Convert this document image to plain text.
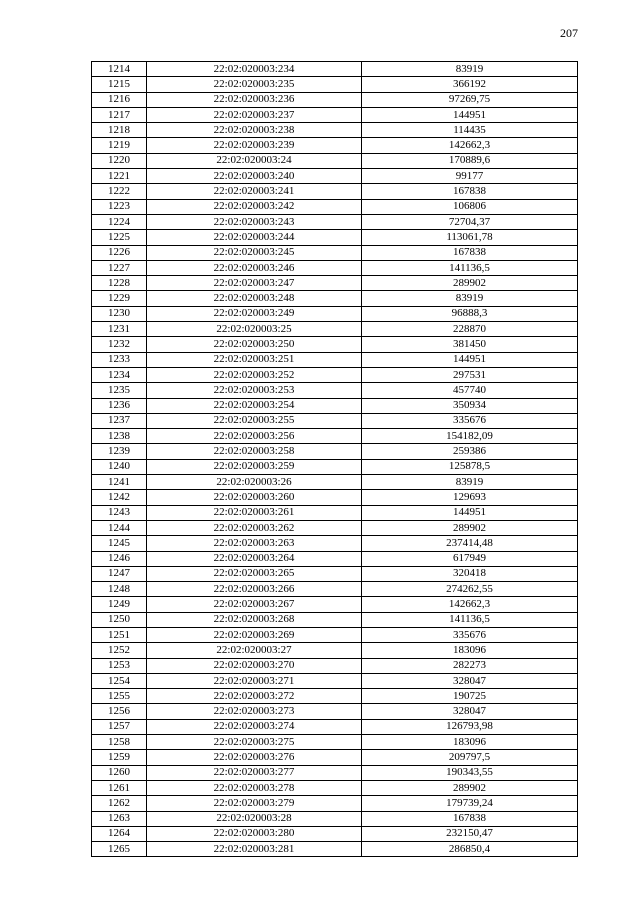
207
1214	22:02:020003:234	83919
1215	22:02:020003:235	366192
1216	22:02:020003:236	97269,75
1217	22:02:020003:237	144951
1218	22:02:020003:238	114435
1219	22:02:020003:239	142662,3
1220	22:02:020003:24	170889,6
1221	22:02:020003:240	99177
1222	22:02:020003:241	167838
1223	22:02:020003:242	106806
1224	22:02:020003:243	72704,37
1225	22:02:020003:244	113061,78
1226	22:02:020003:245	167838
1227	22:02:020003:246	141136,5
1228	22:02:020003:247	289902
1229	22:02:020003:248	83919
1230	22:02:020003:249	96888,3
1231	22:02:020003:25	228870
1232	22:02:020003:250	381450
1233	22:02:020003:251	144951
1234	22:02:020003:252	297531
1235	22:02:020003:253	457740
1236	22:02:020003:254	350934
1237	22:02:020003:255	335676
1238	22:02:020003:256	154182,09
1239	22:02:020003:258	259386
1240	22:02:020003:259	125878,5
1241	22:02:020003:26	83919
1242	22:02:020003:260	129693
1243	22:02:020003:261	144951
1244	22:02:020003:262	289902
1245	22:02:020003:263	237414,48
1246	22:02:020003:264	617949
1247	22:02:020003:265	320418
1248	22:02:020003:266	274262,55
1249	22:02:020003:267	142662,3
1250	22:02:020003:268	141136,5
1251	22:02:020003:269	335676
1252	22:02:020003:27	183096
1253	22:02:020003:270	282273
1254	22:02:020003:271	328047
1255	22:02:020003:272	190725
1256	22:02:020003:273	328047
1257	22:02:020003:274	126793,98
1258	22:02:020003:275	183096
1259	22:02:020003:276	209797,5
1260	22:02:020003:277	190343,55
1261	22:02:020003:278	289902
1262	22:02:020003:279	179739,24
1263	22:02:020003:28	167838
1264	22:02:020003:280	232150,47
1265	22:02:020003:281	286850,4
